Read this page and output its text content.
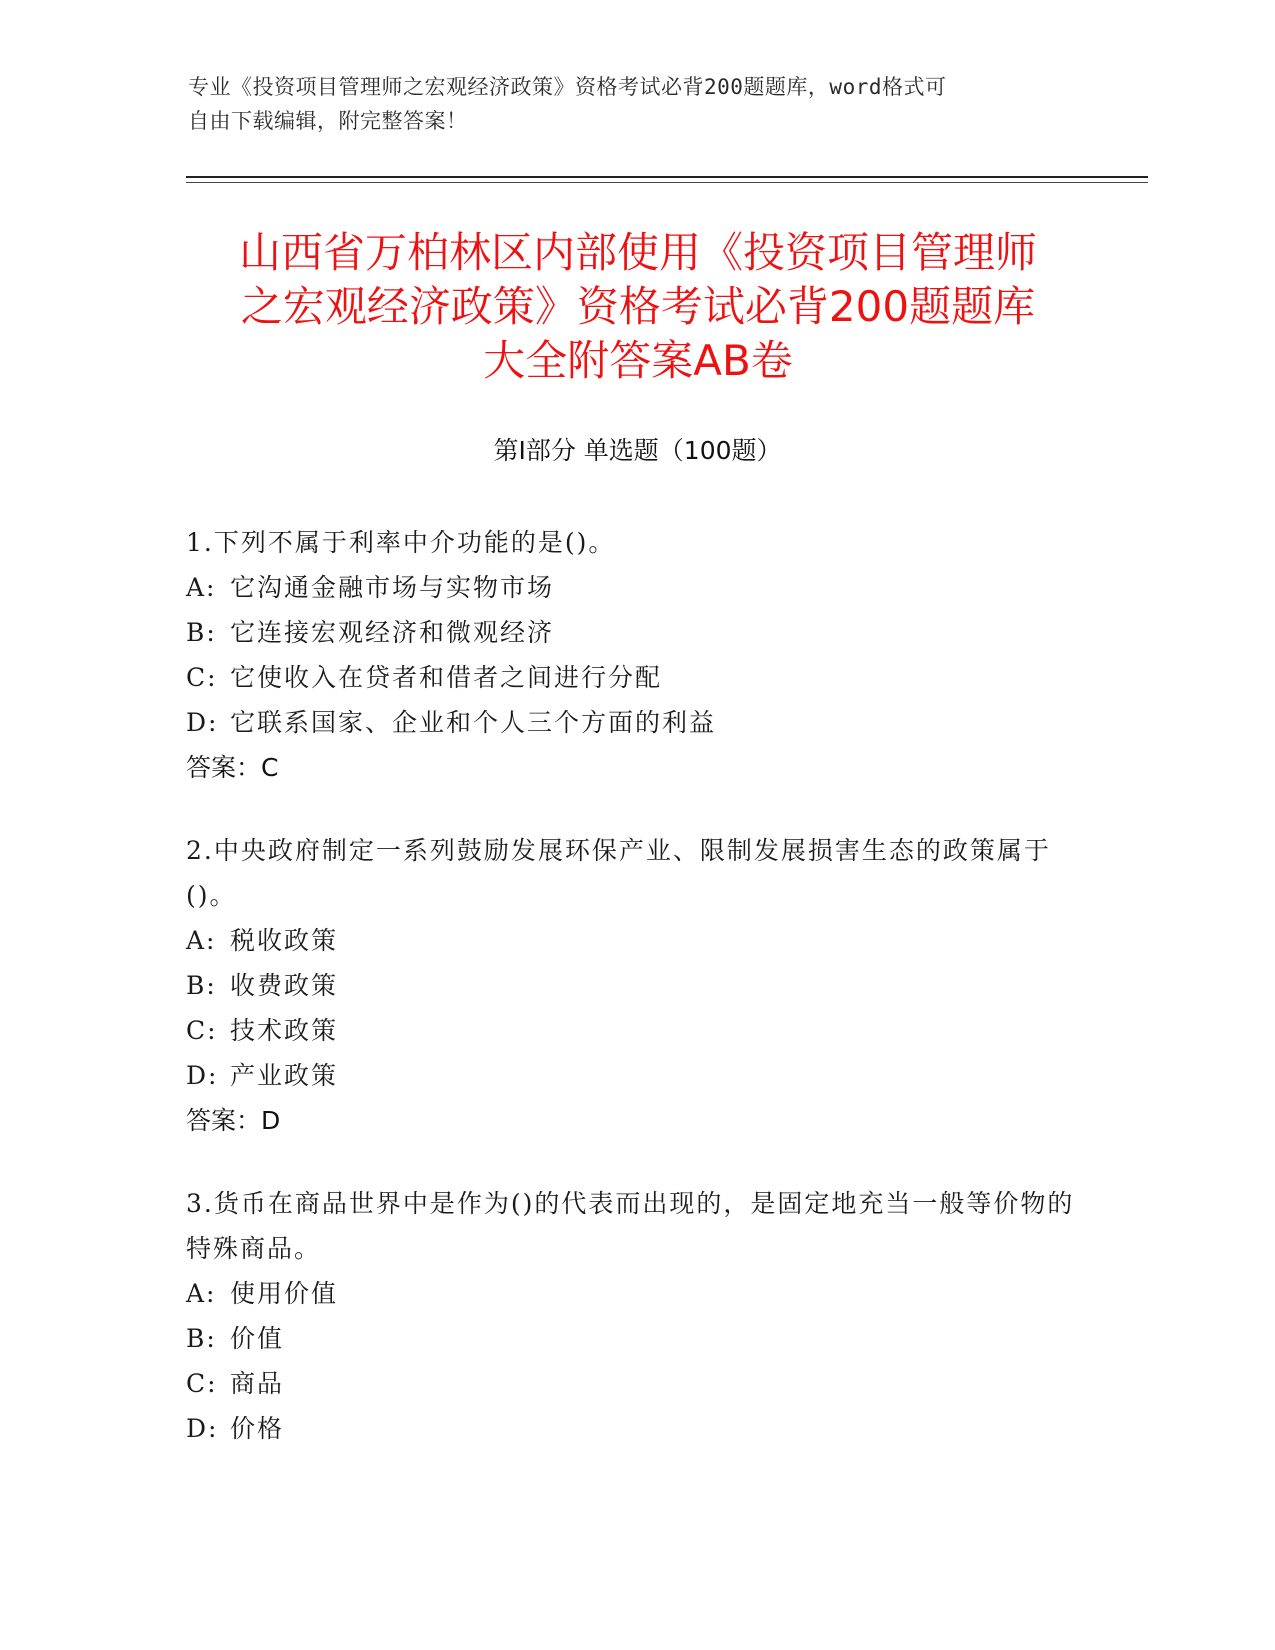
专业《投资项目管理师之宏观经济政策》资格考试必背200题题库，word格式可
自由下载编辑，附完整答案！
山西省万柏林区内部使用《投资项目管理师
之宏观经济政策》资格考试必背200题题库
大全附答案AB卷
第Ⅰ部分 单选题（100题）

1.下列不属于利率中介功能的是()。

A: 它沟通金融市场与实物市场

B: 它连接宏观经济和微观经济

C: 它使收入在贷者和借者之间进行分配

D: 它联系国家、企业和个人三个方面的利益

答案：C

2.中央政府制定一系列鼓励发展环保产业、限制发展损害生态的政策属于()。

A: 税收政策

B: 收费政策

C: 技术政策

D: 产业政策

答案：D

3.货币在商品世界中是作为()的代表而出现的，是固定地充当一般等价物的特殊商品。

A: 使用价值

B: 价值

C: 商品

D: 价格
